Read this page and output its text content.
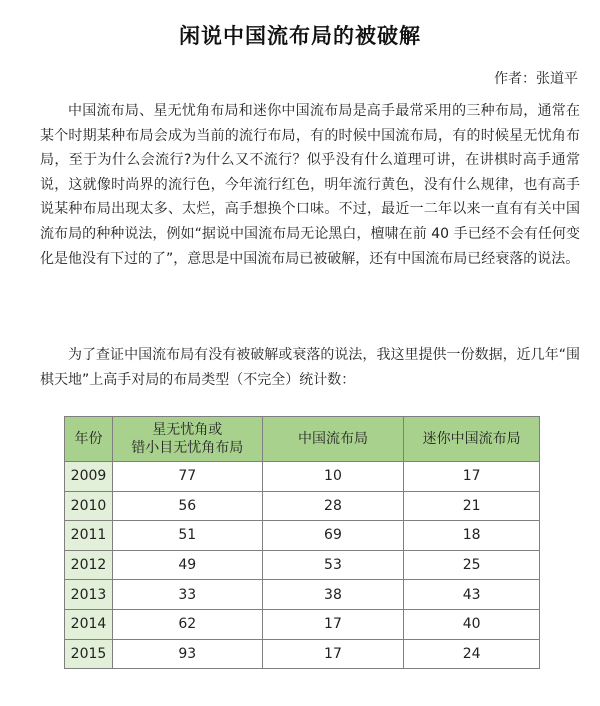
闲说中国流布局的被破解
作者：张道平

中国流布局、星无忧角布局和迷你中国流布局是高手最常采用的三种布局，通常在某个时期某种布局会成为当前的流行布局，有的时候中国流布局，有的时候星无忧角布局，至于为什么会流行?为什么又不流行？似乎没有什么道理可讲，在讲棋时高手通常说，这就像时尚界的流行色，今年流行红色，明年流行黄色，没有什么规律，也有高手说某种布局出现太多、太烂，高手想换个口味。不过，最近一二年以来一直有有关中国流布局的种种说法，例如“据说中国流布局无论黑白，檀啸在前 40 手已经不会有任何变化是他没有下过的了”，意思是中国流布局已被破解，还有中国流布局已经衰落的说法。

为了查证中国流布局有没有被破解或衰落的说法，我这里提供一份数据，近几年“围棋天地”上高手对局的布局类型（不完全）统计数：

年份	星无忧角或
错小目无忧角布局	中国流布局	迷你中国流布局
2009	77	10	17
2010	56	28	21
2011	51	69	18
2012	49	53	25
2013	33	38	43
2014	62	17	40
2015	93	17	24
